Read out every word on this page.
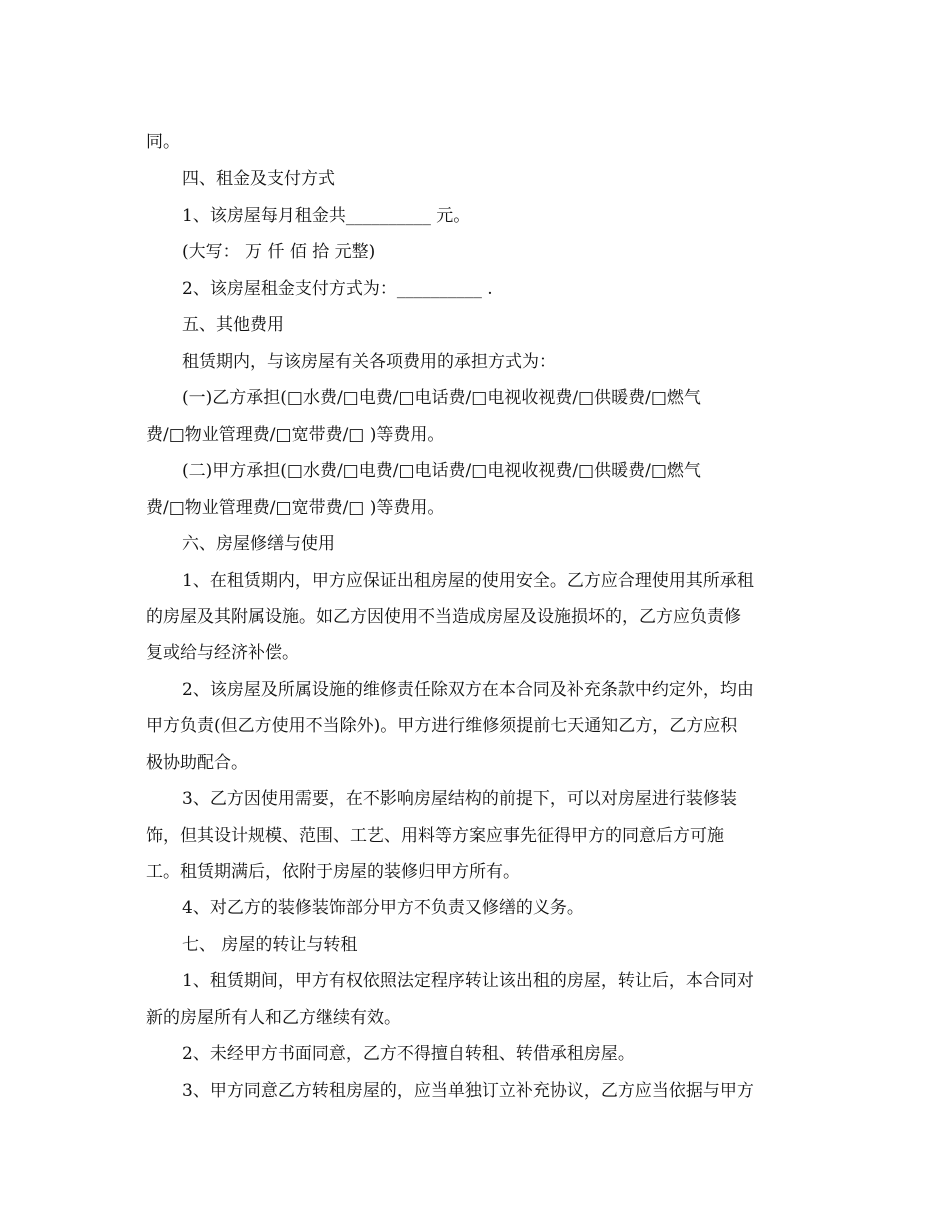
同。
四、租金及支付方式
1、该房屋每月租金共__________ 元。
(大写： 万 仟 佰 拾 元整)
2、该房屋租金支付方式为：__________ .
五、其他费用
租赁期内，与该房屋有关各项费用的承担方式为：
(一)乙方承担(□水费/□电费/□电话费/□电视收视费/□供暖费/□燃气
费/□物业管理费/□宽带费/□ )等费用。
(二)甲方承担(□水费/□电费/□电话费/□电视收视费/□供暖费/□燃气
费/□物业管理费/□宽带费/□ )等费用。
六、房屋修缮与使用
1、在租赁期内，甲方应保证出租房屋的使用安全。乙方应合理使用其所承租
的房屋及其附属设施。如乙方因使用不当造成房屋及设施损坏的，乙方应负责修
复或给与经济补偿。
2、该房屋及所属设施的维修责任除双方在本合同及补充条款中约定外，均由
甲方负责(但乙方使用不当除外)。甲方进行维修须提前七天通知乙方，乙方应积
极协助配合。
3、乙方因使用需要，在不影响房屋结构的前提下，可以对房屋进行装修装
饰，但其设计规模、范围、工艺、用料等方案应事先征得甲方的同意后方可施
工。租赁期满后，依附于房屋的装修归甲方所有。
4、对乙方的装修装饰部分甲方不负责又修缮的义务。
七、 房屋的转让与转租
1、租赁期间，甲方有权依照法定程序转让该出租的房屋，转让后，本合同对
新的房屋所有人和乙方继续有效。
2、未经甲方书面同意，乙方不得擅自转租、转借承租房屋。
3、甲方同意乙方转租房屋的，应当单独订立补充协议，乙方应当依据与甲方
